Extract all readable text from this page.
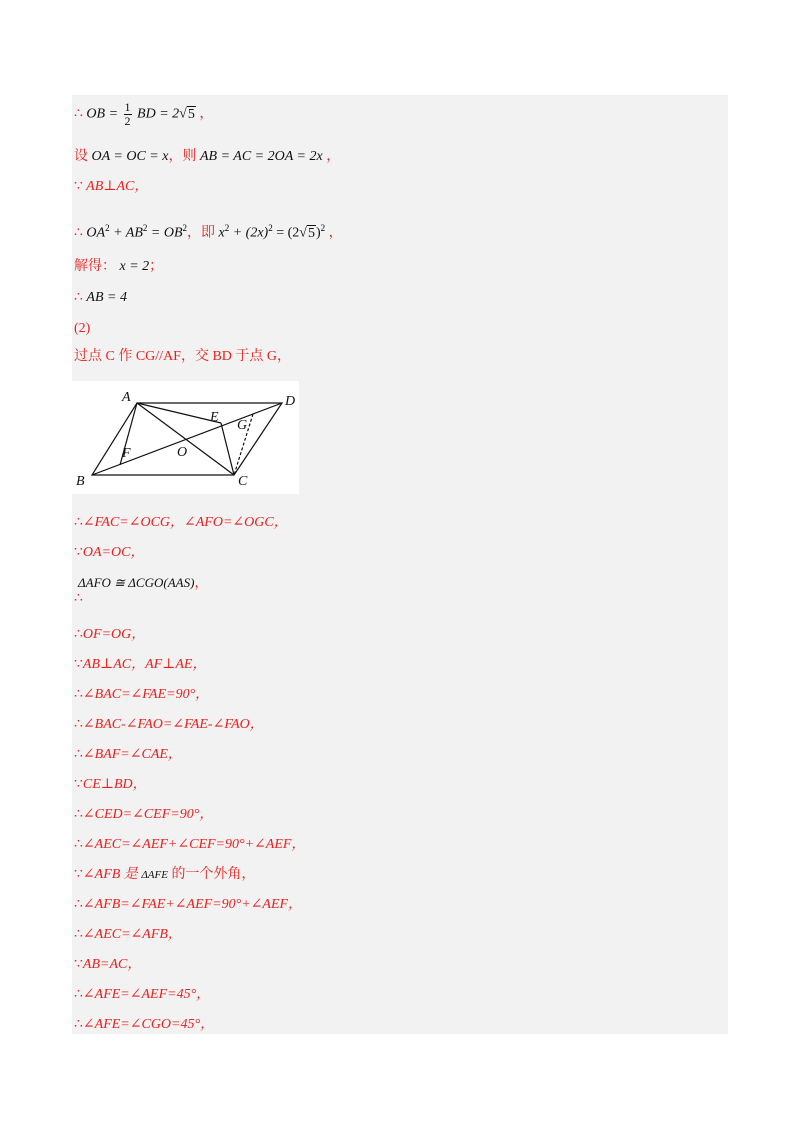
∴ OB = $\frac{1}{2}$ BD = 2√5 ，
设 OA = OC = x，则 AB = AC = 2OA = 2x ，
∵ AB⊥AC，
∴ $OA^2 + AB^2 = OB^2$，即 $x^2 + (2x)^2 = (2√5)^2$ ，
解得： x = 2；
∴ AB = 4
(2)
过点 C 作 CG//AF，交 BD 于点 G，
A	D
B	C
E
F
G
O
∴∠FAC=∠OCG，∠AFO=∠OGC，
∵OA=OC，
ΔAFO ≅ ΔCGO(AAS)，
∴
∴OF=OG，
∵AB⊥AC，AF⊥AE，
∴∠BAC=∠FAE=90°，
∴∠BAC-∠FAO=∠FAE-∠FAO，
∴∠BAF=∠CAE，
∵CE⊥BD，
∴∠CED=∠CEF=90°，
∴∠AEC=∠AEF+∠CEF=90°+∠AEF，
∵∠AFB 是 ΔAFE 的一个外角，
∴∠AFB=∠FAE+∠AEF=90°+∠AEF，
∴∠AEC=∠AFB，
∵AB=AC，
∴∠AFE=∠AEF=45°，
∴∠AFE=∠CGO=45°，
